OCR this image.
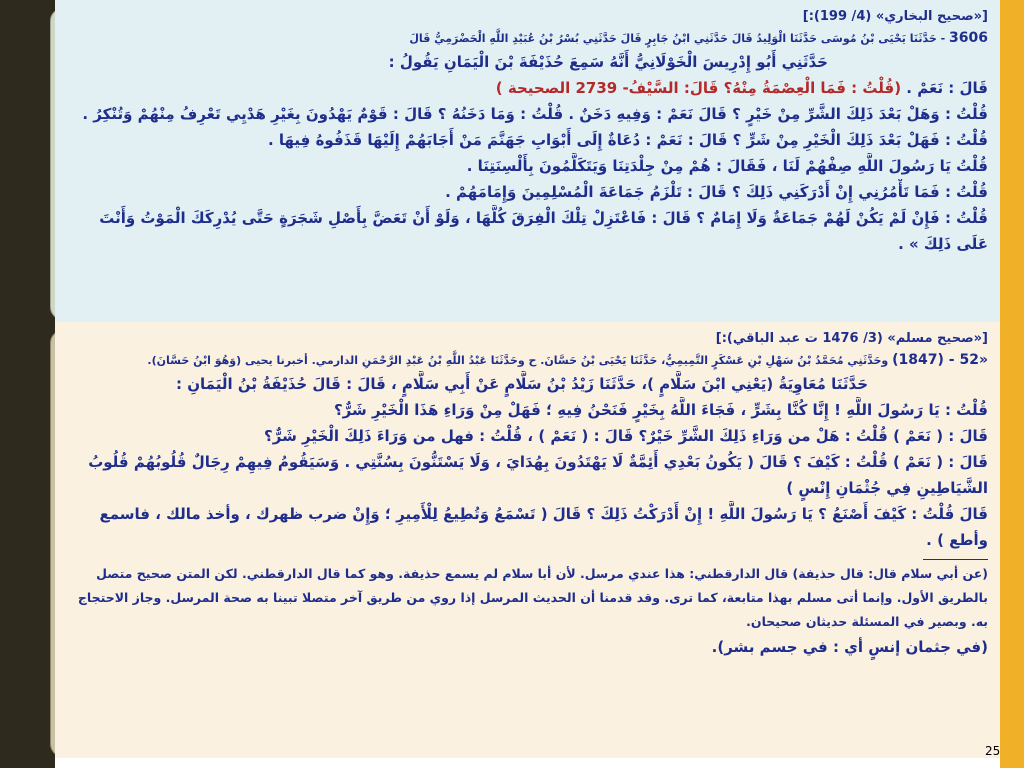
[«صحيح البخاري» (4/ 199):]
3606 - حَدَّثَنَا يَحْيَى بْنُ مُوسَى حَدَّثَنَا الْوَلِيدُ قَالَ حَدَّثَنِي ابْنُ جَابِرٍ قَالَ حَدَّثَنِي بُسْرُ بْنُ عُبَيْدِ اللَّهِ الْحَضْرَمِيُّ قَالَ
حَدَّثَنِي أَبُو إِدْرِيسَ الْخَوْلَانِيُّ أَنَّهُ سَمِعَ حُذَيْفَةَ بْنَ الْيَمَانِ يَقُولُ :
قَالَ : نَعَمْ . (قُلْتُ : فَمَا الْعِصْمَةُ مِنْهُ؟ قَالَ: السَّيْفُ- 2739 الصحيحة )
قُلْتُ : وَهَلْ بَعْدَ ذَلِكَ الشَّرِّ مِنْ خَيْرٍ ؟ قَالَ نَعَمْ : وَفِيهِ دَخَنٌ . قُلْتُ : وَمَا دَخَنُهُ ؟ قَالَ : قَوْمٌ يَهْدُونَ بِغَيْرِ هَدْيِي تَعْرِفُ مِنْهُمْ وَتُنْكِرُ .
قُلْتُ : فَهَلْ بَعْدَ ذَلِكَ الْخَيْرِ مِنْ شَرٍّ ؟ قَالَ : نَعَمْ : دُعَاةٌ إِلَى أَبْوَابِ جَهَنَّمَ مَنْ أَجَابَهُمْ إِلَيْهَا قَذَفُوهُ فِيهَا .
قُلْتُ يَا رَسُولَ اللَّهِ صِفْهُمْ لَنَا ، فَقَالَ : هُمْ مِنْ جِلْدَتِنَا وَيَتَكَلَّمُونَ بِأَلْسِنَتِنَا .
قُلْتُ : فَمَا تَأْمُرُنِي إِنْ أَدْرَكَنِي ذَلِكَ ؟ قَالَ : تَلْزَمُ جَمَاعَةَ الْمُسْلِمِينَ وَإِمَامَهُمْ .
قُلْتُ : فَإِنْ لَمْ يَكُنْ لَهُمْ جَمَاعَةٌ وَلَا إِمَامٌ ؟ قَالَ : فَاعْتَزِلْ تِلْكَ الْفِرَقَ كُلَّهَا ، وَلَوْ أَنْ تَعَضَّ بِأَصْلِ شَجَرَةٍ حَتَّى يُدْرِكَكَ الْمَوْتُ وَأَنْتَ عَلَى ذَلِكَ » .
[«صحيح مسلم» (3/ 1476 ت عبد الباقي):]
«52 - (1847) وحَدَّثَنِي مُحَمَّدُ بْنُ سَهْلِ بْنِ عَسْكَرٍ التَّمِيمِيُّ، حَدَّثَنَا يَحْيَى بْنُ حَسَّانَ. ح وحَدَّثَنَا عَبْدُ اللَّهِ بْنُ عَبْدِ الرَّحْمَنِ الدارمي. أخبرنا يحيى (وَهُوَ ابْنُ حَسَّانَ).
حَدَّثَنَا مُعَاوِيَةُ (يَعْنِي ابْنَ سَلَّامٍ )، حَدَّثَنَا زَيْدُ بْنُ سَلَّامٍ عَنْ أَبِي سَلَّامٍ ، قَالَ : قَالَ حُذَيْفَةُ بْنُ الْيَمَانِ :
قُلْتُ : يَا رَسُولَ اللَّهِ ! إِنَّا كُنَّا بِشَرٍّ ، فَجَاءَ اللَّهُ بِخَيْرٍ فَنَحْنُ فِيهِ ؛ فَهَلْ مِنْ وَرَاءِ هَذَا الْخَيْرِ شَرٌّ؟
قَالَ : ( نَعَمْ ) قُلْتُ : هَلْ من وَرَاءِ ذَلِكَ الشَّرِّ خَيْرٌ؟ قَالَ : ( نَعَمْ ) ، قُلْتُ : فهل من وَرَاءَ ذَلِكَ الْخَيْرِ شَرٌّ؟
قَالَ : ( نَعَمْ ) قُلْتُ : كَيْفَ ؟ قَالَ ( يَكُونُ بَعْدِي أَئِمَّةٌ لَا يَهْتَدُونَ بِهُدَايَ ، وَلَا يَسْتَنُّونَ بِسُنَّتِي . وَسَيَقُومُ فِيهِمْ رِجَالٌ قُلُوبُهُمْ قُلُوبُ الشَّيَاطِينِ فِي جُثْمَانِ إِنْسٍ )
قَالَ قُلْتُ : كَيْفَ أَصْنَعُ ؟ يَا رَسُولَ اللَّهِ ! إِنْ أَدْرَكْتُ ذَلِكَ ؟ قَالَ ( تَسْمَعُ وَتُطِيعُ لِلْأَمِيرِ ؛ وَإِنْ ضرب ظهرك ، وأخذ مالك ، فاسمع وأطع ) .
(عن أبي سلام قال: قال حذيفة) قال الدارقطني: هذا عندي مرسل. لأن أبا سلام لم يسمع حذيفة. وهو كما قال الدارقطني. لكن المتن صحيح متصل بالطريق الأول. وإنما أتى مسلم بهذا متابعة، كما ترى. وقد قدمنا أن الحديث المرسل إذا روي من طريق آخر متصلا تبينا به صحة المرسل. وجاز الاحتجاج به. وبصير في المسئلة حديثان صحيحان.
(في جثمان إنسٍ أي : في جسم بشر).
25
